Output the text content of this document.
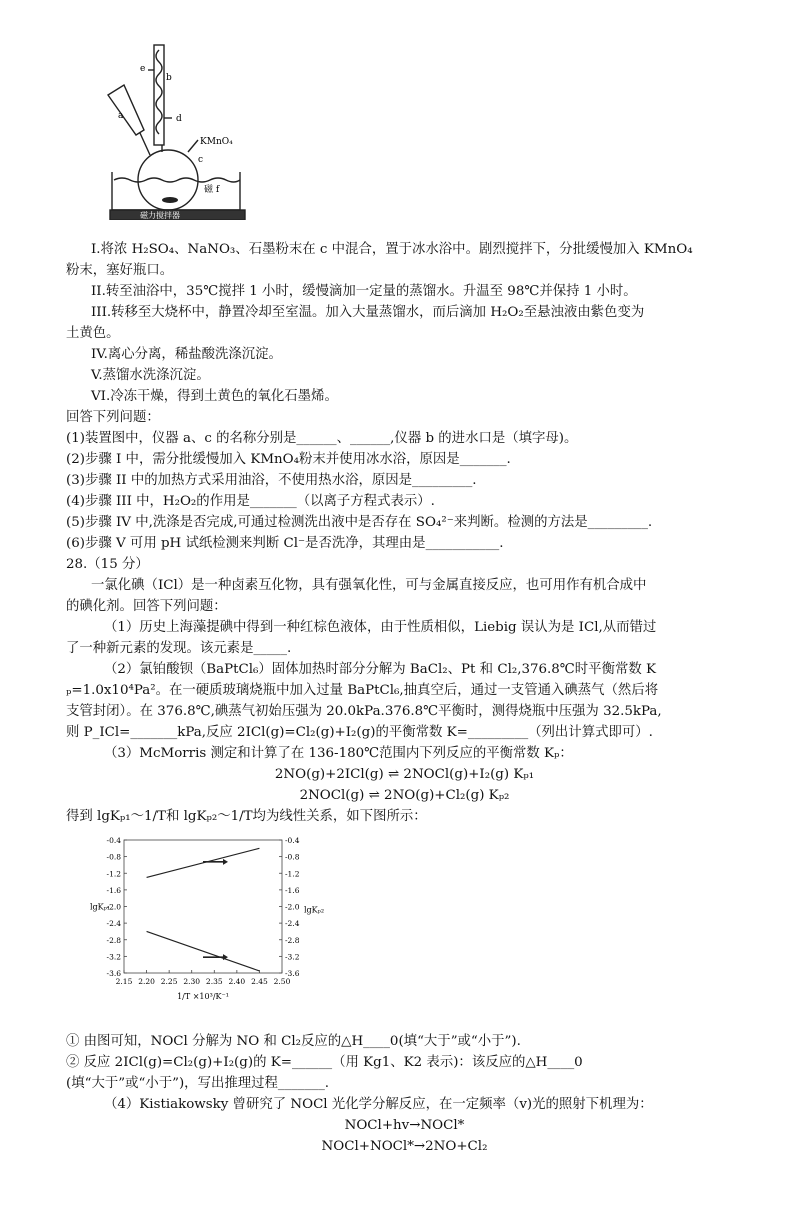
e
b
a	d
KMnO₄
c
磁 f
磁力搅拌器
I.将浓 H₂SO₄、NaNO₃、石墨粉末在 c 中混合，置于冰水浴中。剧烈搅拌下，分批缓慢加入 KMnO₄
粉末，塞好瓶口。
II.转至油浴中，35℃搅拌 1 小时，缓慢滴加一定量的蒸馏水。升温至 98℃并保持 1 小时。
III.转移至大烧杯中，静置冷却至室温。加入大量蒸馏水，而后滴加 H₂O₂至悬浊液由紫色变为
土黄色。
IV.离心分离，稀盐酸洗涤沉淀。
V.蒸馏水洗涤沉淀。
VI.冷冻干燥，得到土黄色的氧化石墨烯。
回答下列问题：
(1)装置图中，仪器 a、c 的名称分别是______、______,仪器 b 的进水口是（填字母)。
(2)步骤 I 中，需分批缓慢加入 KMnO₄粉末并使用冰水浴，原因是_______.
(3)步骤 II 中的加热方式采用油浴，不使用热水浴，原因是_________.
(4)步骤 III 中，H₂O₂的作用是_______（以离子方程式表示）.
(5)步骤 IV 中,洗涤是否完成,可通过检测洗出液中是否存在 SO₄²⁻来判断。检测的方法是_________.
(6)步骤 V 可用 pH 试纸检测来判断 Cl⁻是否洗净，其理由是___________.
28.（15 分）
一氯化碘（ICl）是一种卤素互化物，具有强氧化性，可与金属直接反应，也可用作有机合成中
的碘化剂。回答下列问题：
（1）历史上海藻提碘中得到一种红棕色液体，由于性质相似，Liebig 误认为是 ICl,从而错过
了一种新元素的发现。该元素是_____.
（2）氯铂酸钡（BaPtCl₆）固体加热时部分分解为 BaCl₂、Pt 和 Cl₂,376.8℃时平衡常数 K
ₚ=1.0x10⁴Pa²。在一硬质玻璃烧瓶中加入过量 BaPtCl₆,抽真空后，通过一支管通入碘蒸气（然后将
支管封闭）。在 376.8℃,碘蒸气初始压强为 20.0kPa.376.8℃平衡时，测得烧瓶中压强为 32.5kPa,
则 P_ICl=_______kPa,反应 2ICl(g)=Cl₂(g)+I₂(g)的平衡常数 K=_________（列出计算式即可）.
（3）McMorris 测定和计算了在 136-180℃范围内下列反应的平衡常数 Kₚ：
2NO(g)+2ICl(g) ⇌ 2NOCl(g)+I₂(g) Kₚ₁
2NOCl(g) ⇌ 2NO(g)+Cl₂(g) Kₚ₂
得到 lgKₚ₁～1/T和 lgKₚ₂～1/T均为线性关系，如下图所示：
2.15 2.20 2.25 2.30 2.35 2.40 2.45 2.50
-0.4	-0.4
-0.8	-0.8
-1.2	-1.2
-1.6	-1.6
-2.0	-2.0
-2.4	-2.4
-2.8	-2.8
-3.2	-3.2
-3.6	-3.6
lgKₚ₁	lgKₚ₂
1/T ×10³/K⁻¹
① 由图可知，NOCl 分解为 NO 和 Cl₂反应的△H____0(填“大于”或“小于”).
② 反应 2ICl(g)=Cl₂(g)+I₂(g)的 K=______（用 Kg1、K2 表示)：该反应的△H____0
(填“大于”或“小于”)，写出推理过程_______.
（4）Kistiakowsky 曾研究了 NOCl 光化学分解反应，在一定频率（v)光的照射下机理为：
NOCl+hv→NOCl*
NOCl+NOCl*→2NO+Cl₂
